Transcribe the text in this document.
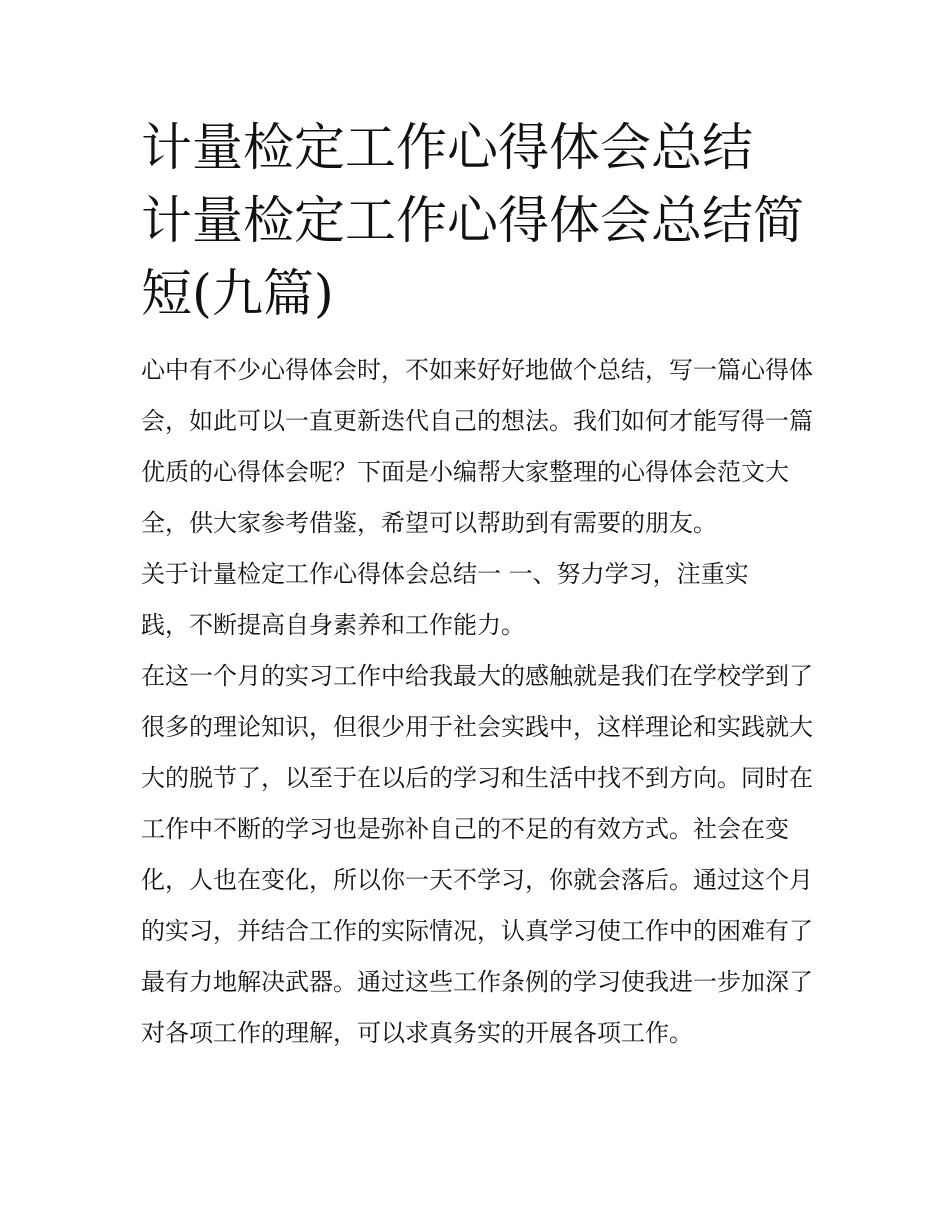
计量检定工作心得体会总结 计量检定工作心得体会总结简短(九篇)

心中有不少心得体会时，不如来好好地做个总结，写一篇心得体会，如此可以一直更新迭代自己的想法。我们如何才能写得一篇优质的心得体会呢？下面是小编帮大家整理的心得体会范文大全，供大家参考借鉴，希望可以帮助到有需要的朋友。

关于计量检定工作心得体会总结一 一、努力学习，注重实

践，不断提高自身素养和工作能力。

在这一个月的实习工作中给我最大的感触就是我们在学校学到了很多的理论知识，但很少用于社会实践中，这样理论和实践就大大的脱节了，以至于在以后的学习和生活中找不到方向。同时在工作中不断的学习也是弥补自己的不足的有效方式。社会在变化，人也在变化，所以你一天不学习，你就会落后。通过这个月的实习，并结合工作的实际情况，认真学习使工作中的困难有了最有力地解决武器。通过这些工作条例的学习使我进一步加深了对各项工作的理解，可以求真务实的开展各项工作。
